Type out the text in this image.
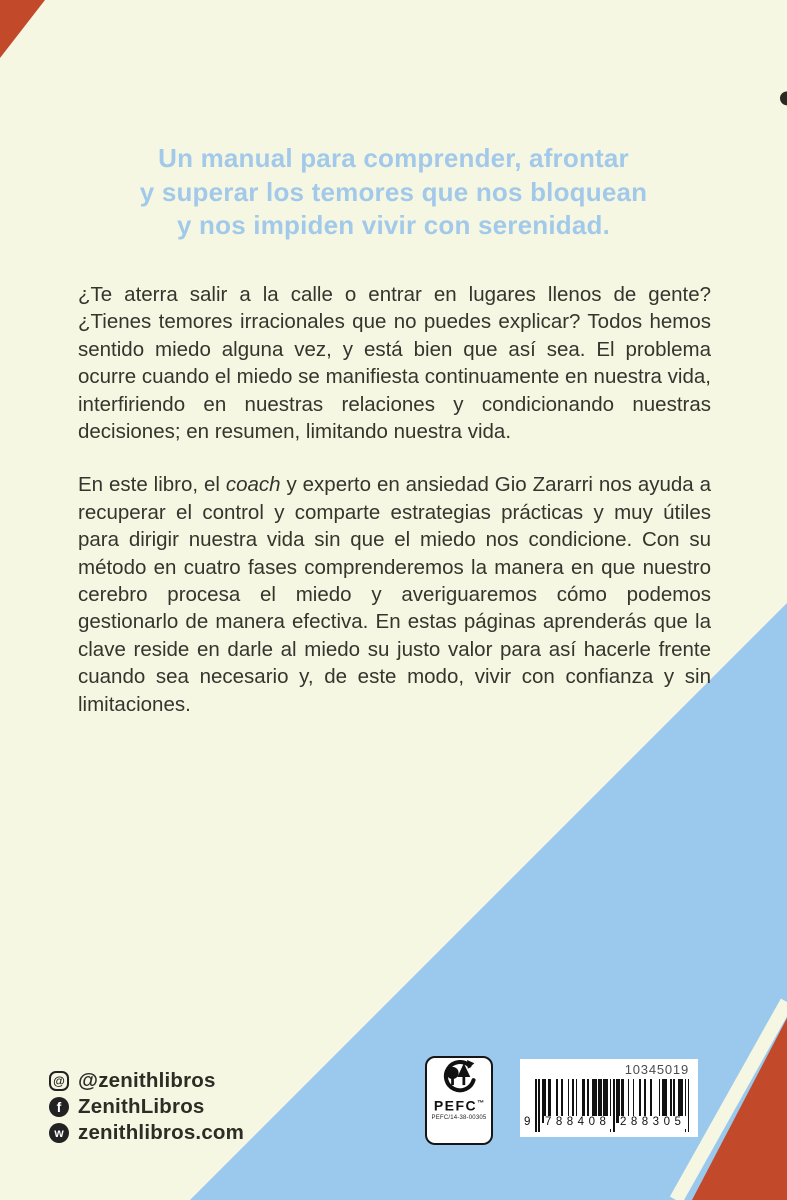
Un manual para comprender, afrontar
y superar los temores que nos bloquean
y nos impiden vivir con serenidad.

¿Te aterra salir a la calle o entrar en lugares llenos de gente? ¿Tienes temores irracionales que no puedes explicar? Todos hemos sentido miedo alguna vez, y está bien que así sea. El problema ocurre cuando el miedo se manifiesta continuamente en nuestra vida, interfiriendo en nuestras relaciones y condicionando nuestras decisiones; en resumen, limitando nuestra vida.

En este libro, el coach y experto en ansiedad Gio Zararri nos ayuda a recuperar el control y comparte estrategias prácticas y muy útiles para dirigir nuestra vida sin que el miedo nos condicione. Con su método en cuatro fases comprenderemos la manera en que nuestro cerebro procesa el miedo y averiguaremos cómo podemos gestionarlo de manera efectiva. En estas páginas aprenderás que la clave reside en darle al miedo su justo valor para así hacerle frente cuando sea necesario y, de este modo, vivir con confianza y sin limitaciones.

@ @zenithlibros
f ZenithLibros
w zenithlibros.com
PEFC™
PEFC/14-38-00305
10345019
9 788408 288305
